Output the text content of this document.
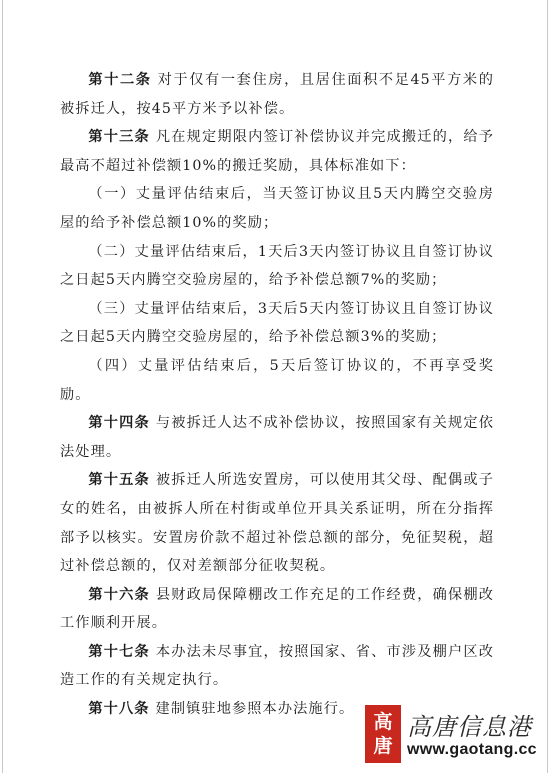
第十二条 对于仅有一套住房，且居住面积不足45平方米的被拆迁人，按45平方米予以补偿。

第十三条 凡在规定期限内签订补偿协议并完成搬迁的，给予最高不超过补偿额10%的搬迁奖励，具体标准如下：

（一）丈量评估结束后，当天签订协议且5天内腾空交验房屋的给予补偿总额10%的奖励；

（二）丈量评估结束后，1天后3天内签订协议且自签订协议之日起5天内腾空交验房屋的，给予补偿总额7%的奖励；

（三）丈量评估结束后，3天后5天内签订协议且自签订协议之日起5天内腾空交验房屋的，给予补偿总额3%的奖励；

（四）丈量评估结束后，5天后签订协议的，不再享受奖励。

第十四条 与被拆迁人达不成补偿协议，按照国家有关规定依法处理。

第十五条 被拆迁人所选安置房，可以使用其父母、配偶或子女的姓名，由被拆人所在村街或单位开具关系证明，所在分指挥部予以核实。安置房价款不超过补偿总额的部分，免征契税，超过补偿总额的，仅对差额部分征收契税。

第十六条 县财政局保障棚改工作充足的工作经费，确保棚改工作顺利开展。

第十七条 本办法未尽事宜，按照国家、省、市涉及棚户区改造工作的有关规定执行。

第十八条 建制镇驻地参照本办法施行。

高
唐
高唐信息港
www.gaotang.cc
